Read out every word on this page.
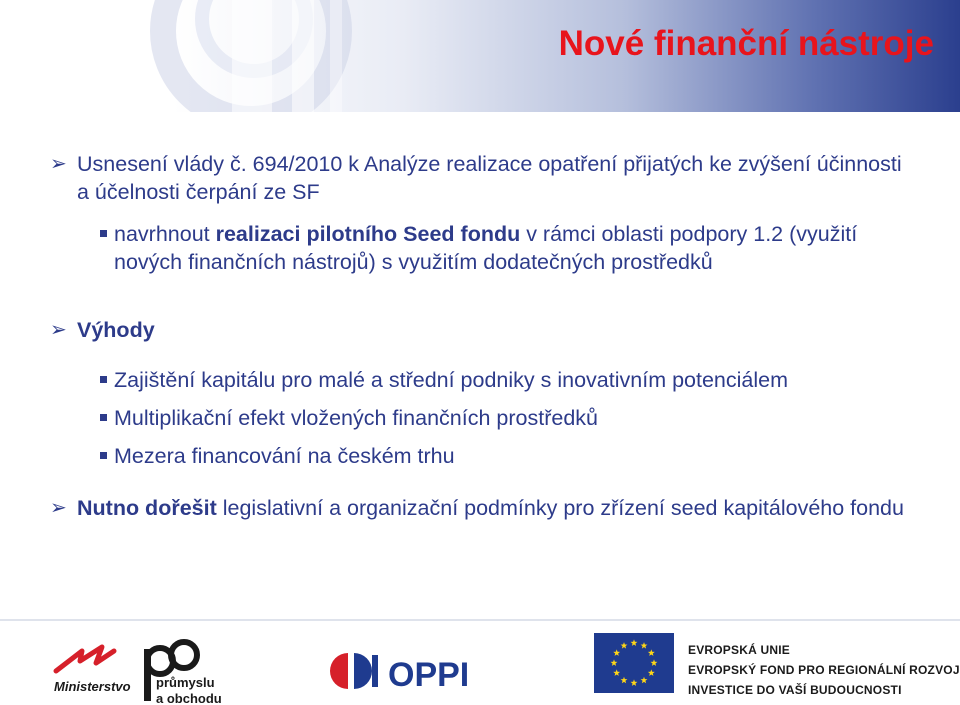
Nové finanční nástroje

➢ Usnesení vlády č. 694/2010 k Analýze realizace opatření přijatých ke zvýšení účinnosti a účelnosti čerpání ze SF

navrhnout realizaci pilotního Seed fondu v rámci oblasti podpory 1.2 (využití nových finančních nástrojů) s využitím dodatečných prostředků

➢ Výhody

Zajištění kapitálu pro malé a střední podniky s inovativním potenciálem

Multiplikační efekt vložených finančních prostředků

Mezera financování na českém trhu

➢ Nutno dořešit legislativní a organizační podmínky pro zřízení seed kapitálového fondu

Ministerstvo průmyslu
a obchodu
OPPI
EVROPSKÁ UNIE
EVROPSKÝ FOND PRO REGIONÁLNÍ ROZVOJ
INVESTICE DO VAŠÍ BUDOUCNOSTI
